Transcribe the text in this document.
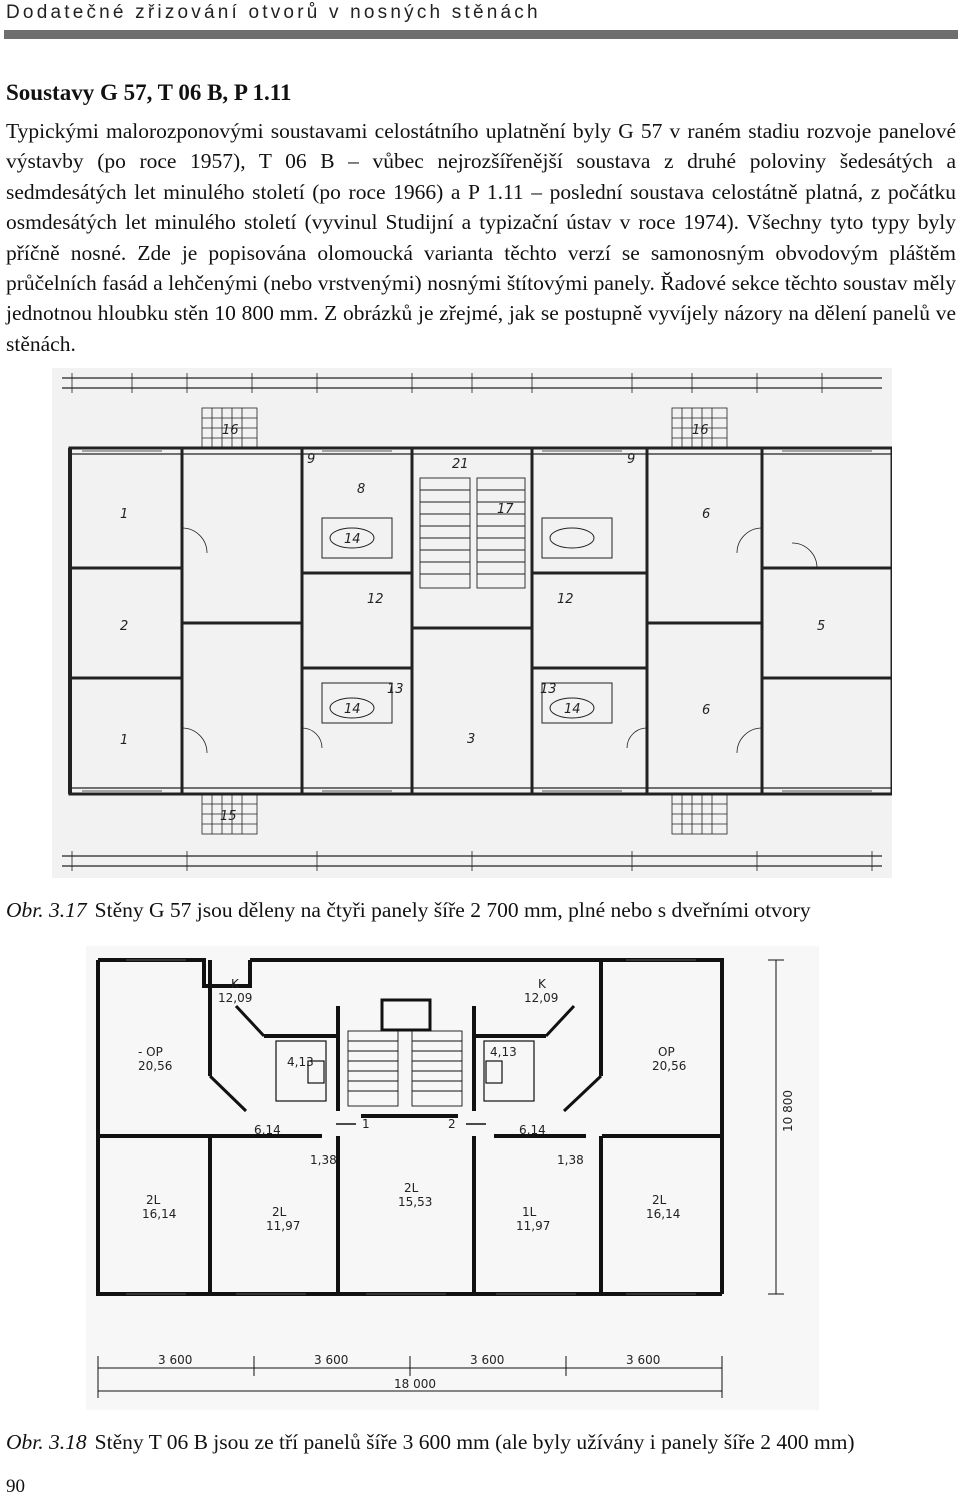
Dodatečné zřizování otvorů v nosných stěnách
Soustavy G 57, T 06 B, P 1.11

Typickými malorozponovými soustavami celostátního uplatnění byly G 57 v raném stadiu rozvoje panelové výstavby (po roce 1957), T 06 B – vůbec nejrozšířenější soustava z druhé poloviny šedesátých a sedmdesátých let minulého století (po roce 1966) a P 1.11 – poslední soustava celostátně platná, z počátku osmdesátých let minulého století (vyvinul Studijní a typizační ústav v roce 1974). Všechny tyto typy byly příčně nosné. Zde je popisována olomoucká varianta těchto verzí se samonosným obvodovým pláštěm průčelních fasád a lehčenými (nebo vrstvenými) nosnými štítovými panely. Řadové sekce těchto soustav měly jednotnou hloubku stěn 10 800 mm. Z obrázků je zřejmé, jak se postupně vyvíjely názory na dělení panelů ve stěnách.

1
2
1
8
14
12
9
16
13
14
3
21
17
16
9
13
14
12
6
5
6
15
Obr. 3.17 Stěny G 57 jsou děleny na čtyři panely šíře 2 700 mm, plné nebo s dveřními otvory
K
12,09
K
12,09
- OP
20,56
OP
20,56
4,13
4,13
6,14	6,14
1,38	1,38
1	2
2L
16,14	2L
11,97
2L
15,53
1L
11,97
2L
16,14
10 800
3 600	3 600	3 600	3 600
18 000
Obr. 3.18 Stěny T 06 B jsou ze tří panelů šíře 3 600 mm (ale byly užívány i panely šíře 2 400 mm)
90
